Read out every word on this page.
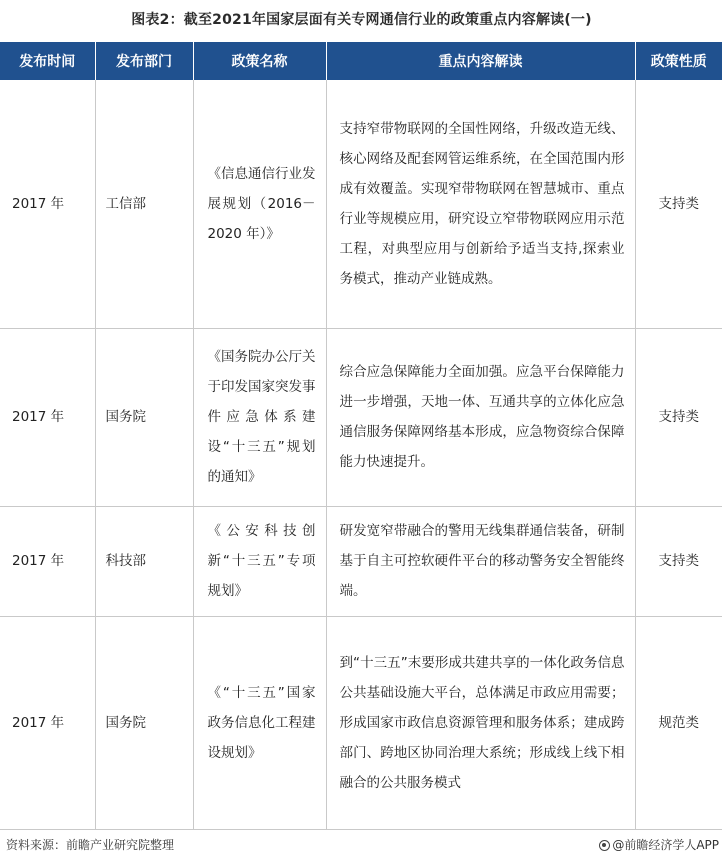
图表2：截至2021年国家层面有关专网通信行业的政策重点内容解读(一)
发布时间	发布部门	政策名称	重点内容解读	政策性质
2017 年	工信部	《信息通信行业发展规划（2016－2020 年）》	支持窄带物联网的全国性网络，升级改造无线、核心网络及配套网管运维系统，在全国范围内形成有效覆盖。实现窄带物联网在智慧城市、重点行业等规模应用，研究设立窄带物联网应用示范工程，对典型应用与创新给予适当支持,探索业务模式，推动产业链成熟。	支持类
2017 年	国务院	《国务院办公厅关于印发国家突发事件应急体系建设“十三五”规划的通知》	综合应急保障能力全面加强。应急平台保障能力进一步增强，天地一体、互通共享的立体化应急通信服务保障网络基本形成，应急物资综合保障能力快速提升。	支持类
2017 年	科技部	《公安科技创新“十三五”专项规划》	研发宽窄带融合的警用无线集群通信装备，研制基于自主可控软硬件平台的移动警务安全智能终端。	支持类
2017 年	国务院	《“十三五”国家政务信息化工程建设规划》	到“十三五”末要形成共建共享的一体化政务信息公共基础设施大平台，总体满足市政应用需要；形成国家市政信息资源管理和服务体系；建成跨部门、跨地区协同治理大系统；形成线上线下相融合的公共服务模式	规范类
资料来源：前瞻产业研究院整理	@前瞻经济学人APP
